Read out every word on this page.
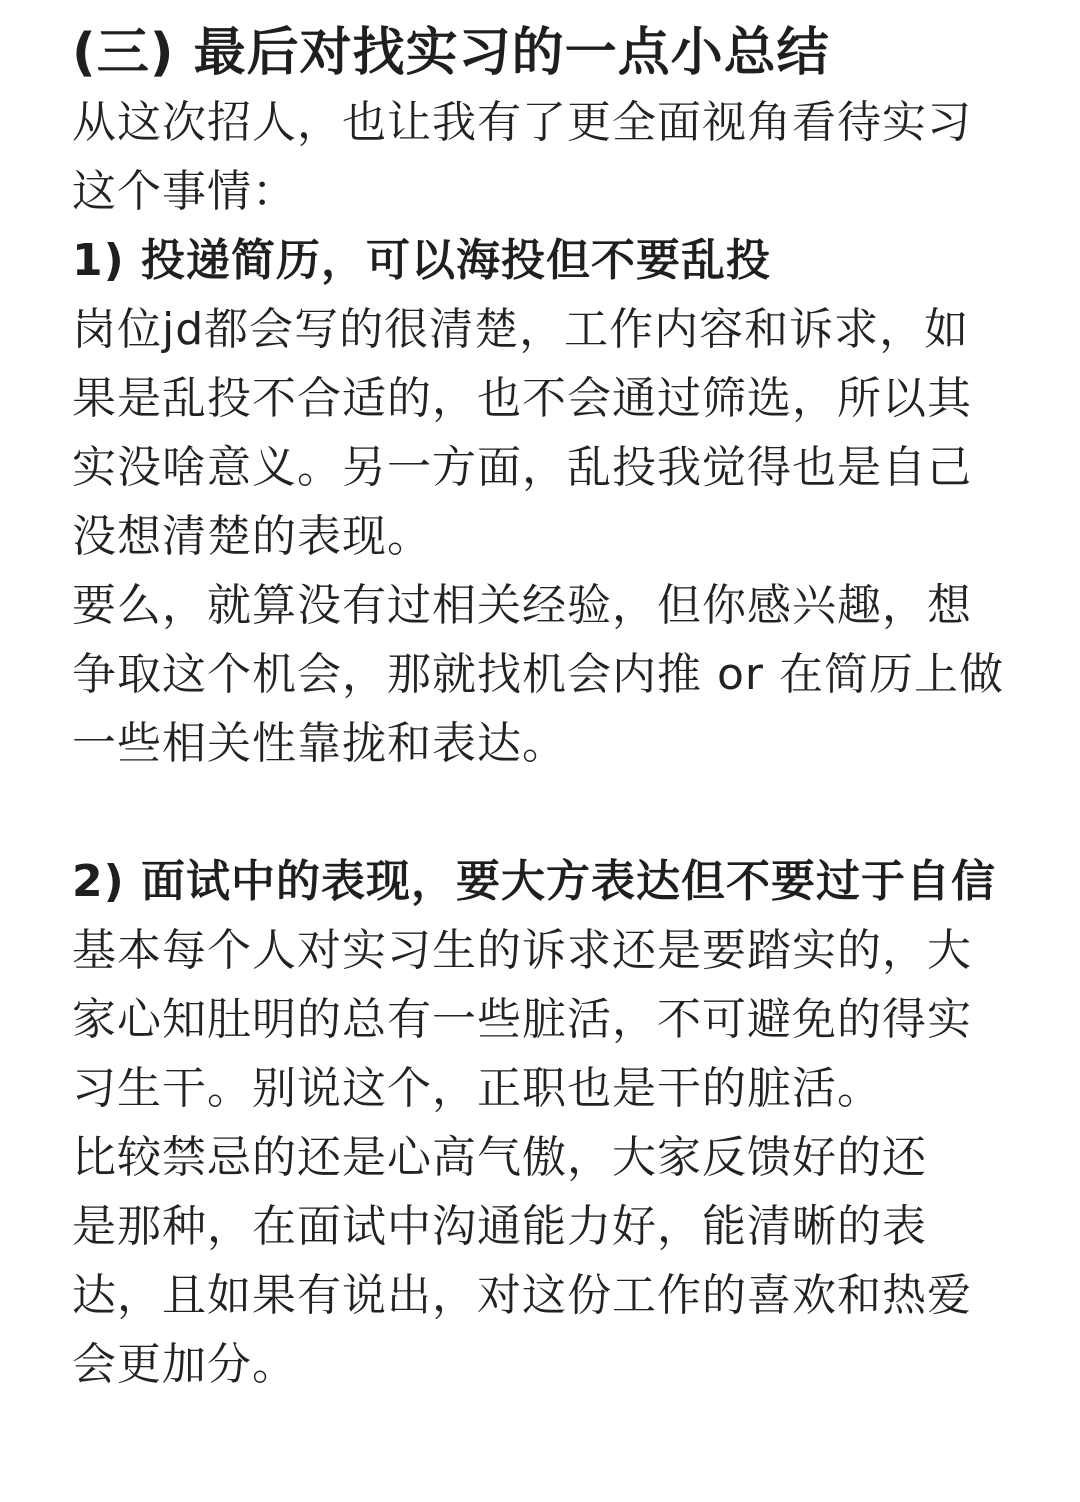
(三) 最后对找实习的一点小总结
从这次招人，也让我有了更全面视角看待实习
这个事情：
1) 投递简历，可以海投但不要乱投
岗位jd都会写的很清楚，工作内容和诉求，如
果是乱投不合适的，也不会通过筛选，所以其
实没啥意义。另一方面，乱投我觉得也是自己
没想清楚的表现。
要么，就算没有过相关经验，但你感兴趣，想
争取这个机会，那就找机会内推 or 在简历上做
一些相关性靠拢和表达。
2) 面试中的表现，要大方表达但不要过于自信
基本每个人对实习生的诉求还是要踏实的，大
家心知肚明的总有一些脏活，不可避免的得实
习生干。别说这个，正职也是干的脏活。
比较禁忌的还是心高气傲，大家反馈好的还
是那种，在面试中沟通能力好，能清晰的表
达，且如果有说出，对这份工作的喜欢和热爱
会更加分。
